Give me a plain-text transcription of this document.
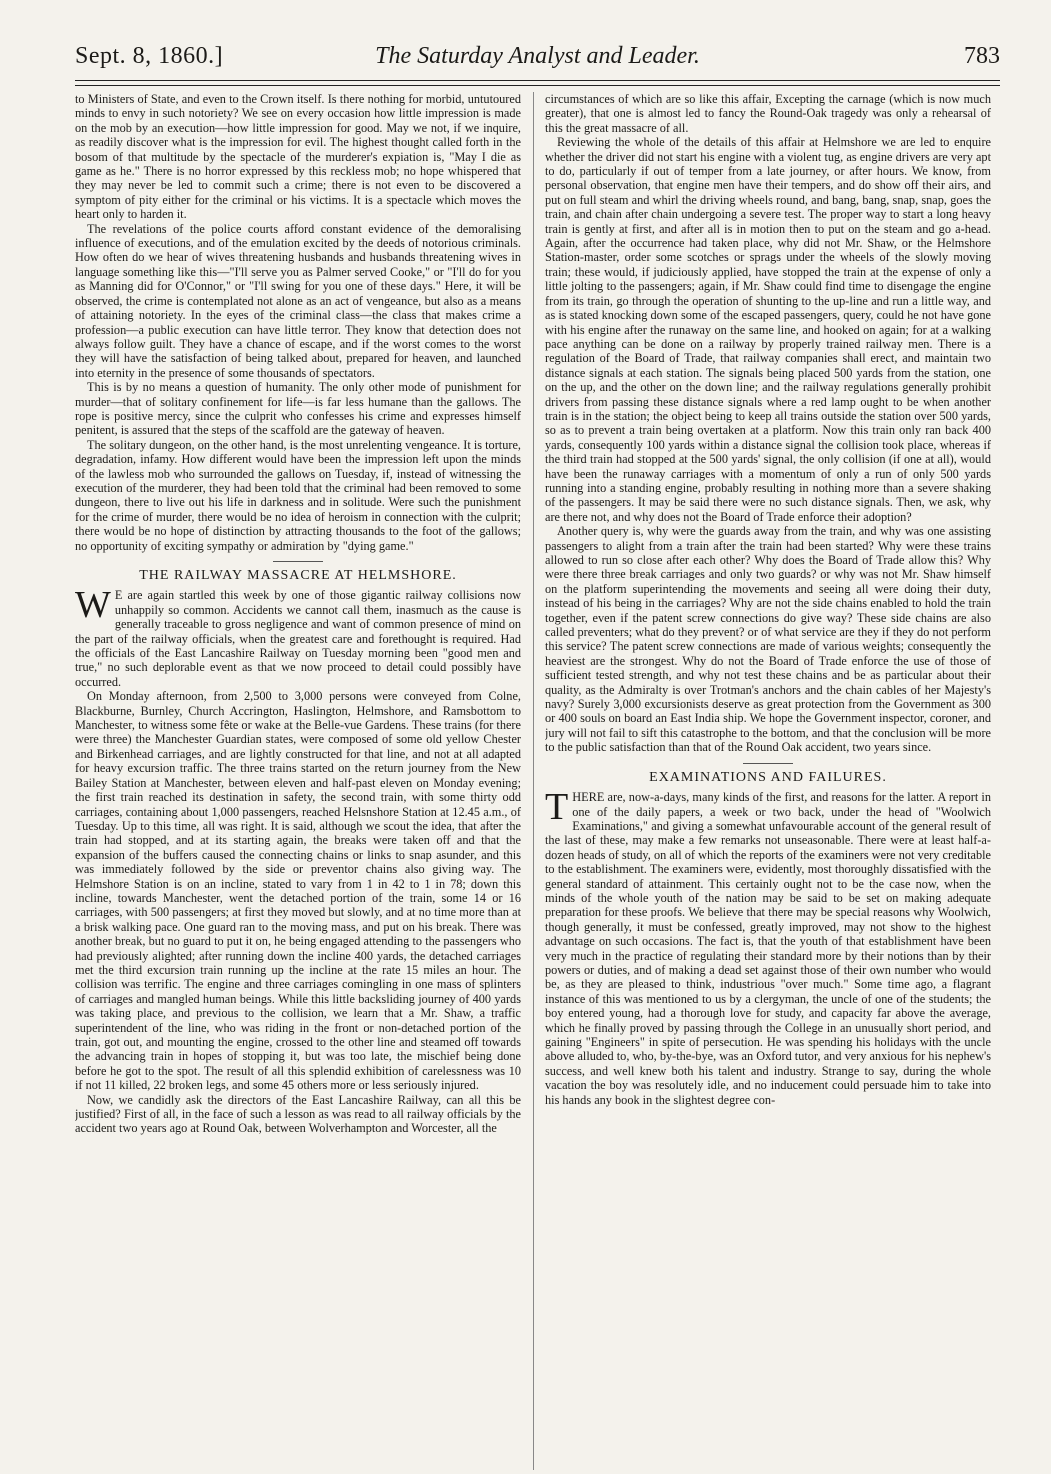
Sept. 8, 1860.]	The Saturday Analyst and Leader.	783

to Ministers of State, and even to the Crown itself. Is there nothing for morbid, untutoured minds to envy in such notoriety? We see on every occasion how little impression is made on the mob by an execution—how little impression for good. May we not, if we inquire, as readily discover what is the impression for evil. The highest thought called forth in the bosom of that multitude by the spectacle of the murderer's expiation is, "May I die as game as he." There is no horror expressed by this reckless mob; no hope whispered that they may never be led to commit such a crime; there is not even to be discovered a symptom of pity either for the criminal or his victims. It is a spectacle which moves the heart only to harden it.

The revelations of the police courts afford constant evidence of the demoralising influence of executions, and of the emulation excited by the deeds of notorious criminals. How often do we hear of wives threatening husbands and husbands threatening wives in language something like this—"I'll serve you as Palmer served Cooke," or "I'll do for you as Manning did for O'Connor," or "I'll swing for you one of these days." Here, it will be observed, the crime is contemplated not alone as an act of vengeance, but also as a means of attaining notoriety. In the eyes of the criminal class—the class that makes crime a profession—a public execution can have little terror. They know that detection does not always follow guilt. They have a chance of escape, and if the worst comes to the worst they will have the satisfaction of being talked about, prepared for heaven, and launched into eternity in the presence of some thousands of spectators.

This is by no means a question of humanity. The only other mode of punishment for murder—that of solitary confinement for life—is far less humane than the gallows. The rope is positive mercy, since the culprit who confesses his crime and expresses himself penitent, is assured that the steps of the scaffold are the gateway of heaven.

The solitary dungeon, on the other hand, is the most unrelenting vengeance. It is torture, degradation, infamy. How different would have been the impression left upon the minds of the lawless mob who surrounded the gallows on Tuesday, if, instead of witnessing the execution of the murderer, they had been told that the criminal had been removed to some dungeon, there to live out his life in darkness and in solitude. Were such the punishment for the crime of murder, there would be no idea of heroism in connection with the culprit; there would be no hope of distinction by attracting thousands to the foot of the gallows; no opportunity of exciting sympathy or admiration by "dying game."

THE RAILWAY MASSACRE AT HELMSHORE.

W E are again startled this week by one of those gigantic railway collisions now unhappily so common. Accidents we cannot call them, inasmuch as the cause is generally traceable to gross negligence and want of common presence of mind on the part of the railway officials, when the greatest care and forethought is required. Had the officials of the East Lancashire Railway on Tuesday morning been "good men and true," no such deplorable event as that we now proceed to detail could possibly have occurred.

On Monday afternoon, from 2,500 to 3,000 persons were conveyed from Colne, Blackburne, Burnley, Church Accrington, Haslington, Helmshore, and Ramsbottom to Manchester, to witness some fête or wake at the Belle-vue Gardens. These trains (for there were three) the Manchester Guardian states, were composed of some old yellow Chester and Birkenhead carriages, and are lightly constructed for that line, and not at all adapted for heavy excursion traffic. The three trains started on the return journey from the New Bailey Station at Manchester, between eleven and half-past eleven on Monday evening; the first train reached its destination in safety, the second train, with some thirty odd carriages, containing about 1,000 passengers, reached Helsnshore Station at 12.45 a.m., of Tuesday. Up to this time, all was right. It is said, although we scout the idea, that after the train had stopped, and at its starting again, the breaks were taken off and that the expansion of the buffers caused the connecting chains or links to snap asunder, and this was immediately followed by the side or preventor chains also giving way. The Helmshore Station is on an incline, stated to vary from 1 in 42 to 1 in 78; down this incline, towards Manchester, went the detached portion of the train, some 14 or 16 carriages, with 500 passengers; at first they moved but slowly, and at no time more than at a brisk walking pace. One guard ran to the moving mass, and put on his break. There was another break, but no guard to put it on, he being engaged attending to the passengers who had previously alighted; after running down the incline 400 yards, the detached carriages met the third excursion train running up the incline at the rate 15 miles an hour. The collision was terrific. The engine and three carriages comingling in one mass of splinters of carriages and mangled human beings. While this little backsliding journey of 400 yards was taking place, and previous to the collision, we learn that a Mr. Shaw, a traffic superintendent of the line, who was riding in the front or non-detached portion of the train, got out, and mounting the engine, crossed to the other line and steamed off towards the advancing train in hopes of stopping it, but was too late, the mischief being done before he got to the spot. The result of all this splendid exhibition of carelessness was 10 if not 11 killed, 22 broken legs, and some 45 others more or less seriously injured.

Now, we candidly ask the directors of the East Lancashire Railway, can all this be justified? First of all, in the face of such a lesson as was read to all railway officials by the accident two years ago at Round Oak, between Wolverhampton and Worcester, all the

circumstances of which are so like this affair, Excepting the carnage (which is now much greater), that one is almost led to fancy the Round-Oak tragedy was only a rehearsal of this the great massacre of all.

Reviewing the whole of the details of this affair at Helmshore we are led to enquire whether the driver did not start his engine with a violent tug, as engine drivers are very apt to do, particularly if out of temper from a late journey, or after hours. We know, from personal observation, that engine men have their tempers, and do show off their airs, and put on full steam and whirl the driving wheels round, and bang, bang, snap, snap, goes the train, and chain after chain undergoing a severe test. The proper way to start a long heavy train is gently at first, and after all is in motion then to put on the steam and go a-head. Again, after the occurrence had taken place, why did not Mr. Shaw, or the Helmshore Station-master, order some scotches or sprags under the wheels of the slowly moving train; these would, if judiciously applied, have stopped the train at the expense of only a little jolting to the passengers; again, if Mr. Shaw could find time to disengage the engine from its train, go through the operation of shunting to the up-line and run a little way, and as is stated knocking down some of the escaped passengers, query, could he not have gone with his engine after the runaway on the same line, and hooked on again; for at a walking pace anything can be done on a railway by properly trained railway men. There is a regulation of the Board of Trade, that railway companies shall erect, and maintain two distance signals at each station. The signals being placed 500 yards from the station, one on the up, and the other on the down line; and the railway regulations generally prohibit drivers from passing these distance signals where a red lamp ought to be when another train is in the station; the object being to keep all trains outside the station over 500 yards, so as to prevent a train being overtaken at a platform. Now this train only ran back 400 yards, consequently 100 yards within a distance signal the collision took place, whereas if the third train had stopped at the 500 yards' signal, the only collision (if one at all), would have been the runaway carriages with a momentum of only a run of only 500 yards running into a standing engine, probably resulting in nothing more than a severe shaking of the passengers. It may be said there were no such distance signals. Then, we ask, why are there not, and why does not the Board of Trade enforce their adoption?

Another query is, why were the guards away from the train, and why was one assisting passengers to alight from a train after the train had been started? Why were these trains allowed to run so close after each other? Why does the Board of Trade allow this? Why were there three break carriages and only two guards? or why was not Mr. Shaw himself on the platform superintending the movements and seeing all were doing their duty, instead of his being in the carriages? Why are not the side chains enabled to hold the train together, even if the patent screw connections do give way? These side chains are also called preventers; what do they prevent? or of what service are they if they do not perform this service? The patent screw connections are made of various weights; consequently the heaviest are the strongest. Why do not the Board of Trade enforce the use of those of sufficient tested strength, and why not test these chains and be as particular about their quality, as the Admiralty is over Trotman's anchors and the chain cables of her Majesty's navy? Surely 3,000 excursionists deserve as great protection from the Government as 300 or 400 souls on board an East India ship. We hope the Government inspector, coroner, and jury will not fail to sift this catastrophe to the bottom, and that the conclusion will be more to the public satisfaction than that of the Round Oak accident, two years since.

EXAMINATIONS AND FAILURES.

THERE are, now-a-days, many kinds of the first, and reasons for the latter. A report in one of the daily papers, a week or two back, under the head of "Woolwich Examinations," and giving a somewhat unfavourable account of the general result of the last of these, may make a few remarks not unseasonable. There were at least half-a-dozen heads of study, on all of which the reports of the examiners were not very creditable to the establishment. The examiners were, evidently, most thoroughly dissatisfied with the general standard of attainment. This certainly ought not to be the case now, when the minds of the whole youth of the nation may be said to be set on making adequate preparation for these proofs. We believe that there may be special reasons why Woolwich, though generally, it must be confessed, greatly improved, may not show to the highest advantage on such occasions. The fact is, that the youth of that establishment have been very much in the practice of regulating their standard more by their notions than by their powers or duties, and of making a dead set against those of their own number who would be, as they are pleased to think, industrious "over much." Some time ago, a flagrant instance of this was mentioned to us by a clergyman, the uncle of one of the students; the boy entered young, had a thorough love for study, and capacity far above the average, which he finally proved by passing through the College in an unusually short period, and gaining "Engineers" in spite of persecution. He was spending his holidays with the uncle above alluded to, who, by-the-bye, was an Oxford tutor, and very anxious for his nephew's success, and well knew both his talent and industry. Strange to say, during the whole vacation the boy was resolutely idle, and no inducement could persuade him to take into his hands any book in the slightest degree con-
